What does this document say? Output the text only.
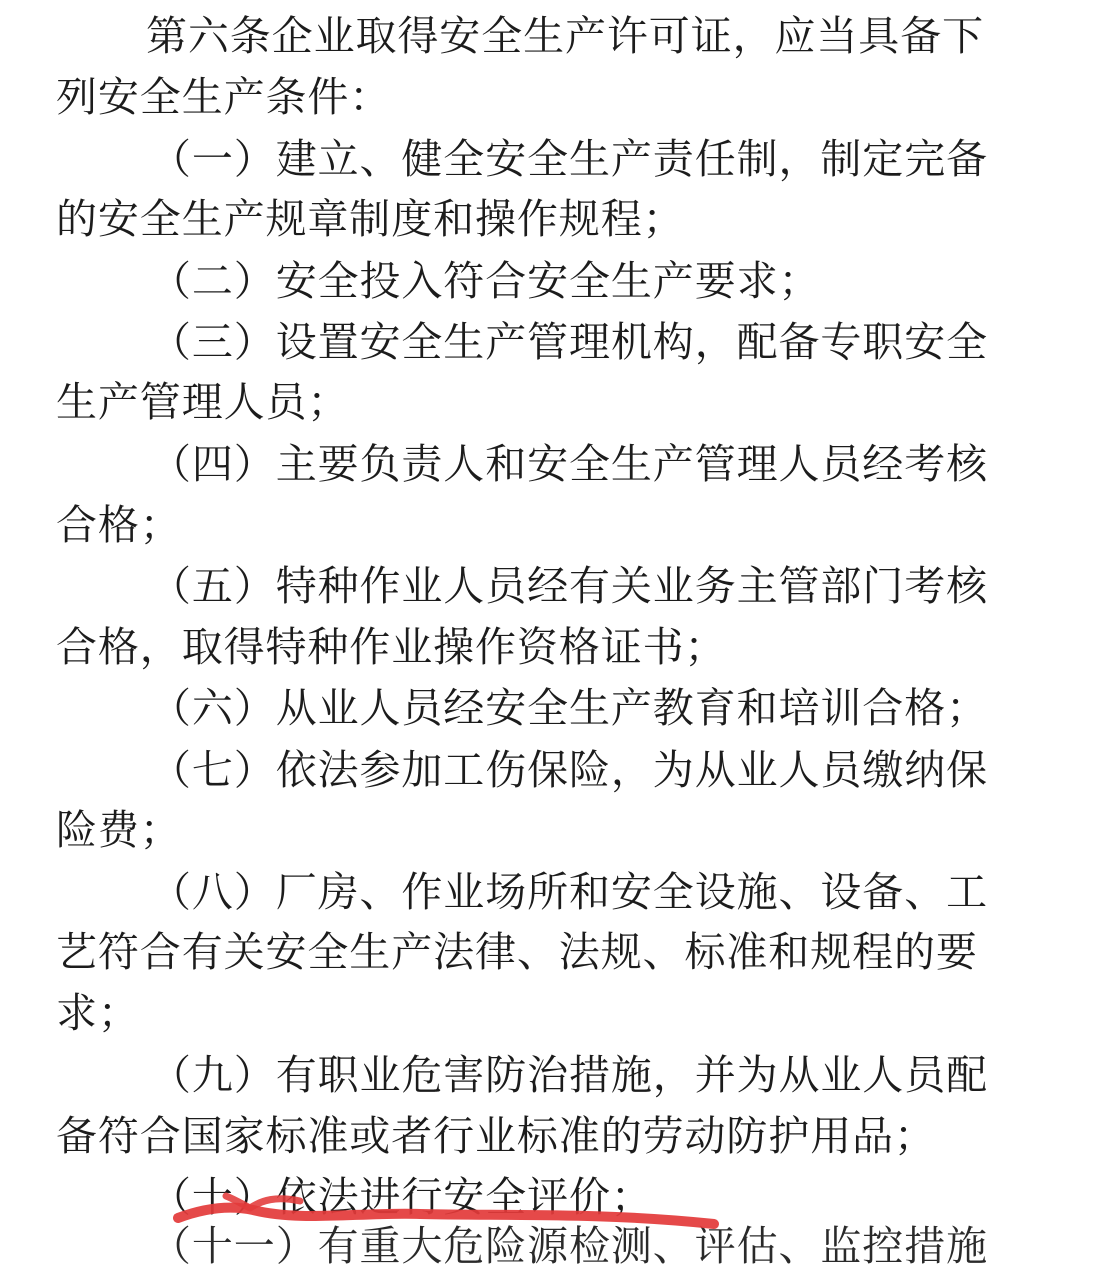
第六条企业取得安全生产许可证，应当具备下
列安全生产条件：
（一）建立、健全安全生产责任制，制定完备
的安全生产规章制度和操作规程；
（二）安全投入符合安全生产要求；
（三）设置安全生产管理机构，配备专职安全
生产管理人员；
（四）主要负责人和安全生产管理人员经考核
合格；
（五）特种作业人员经有关业务主管部门考核
合格，取得特种作业操作资格证书；
（六）从业人员经安全生产教育和培训合格；
（七）依法参加工伤保险，为从业人员缴纳保
险费；
（八）厂房、作业场所和安全设施、设备、工
艺符合有关安全生产法律、法规、标准和规程的要
求；
（九）有职业危害防治措施，并为从业人员配
备符合国家标准或者行业标准的劳动防护用品；
（十）依法进行安全评价；
（十一）有重大危险源检测、评估、监控措施
